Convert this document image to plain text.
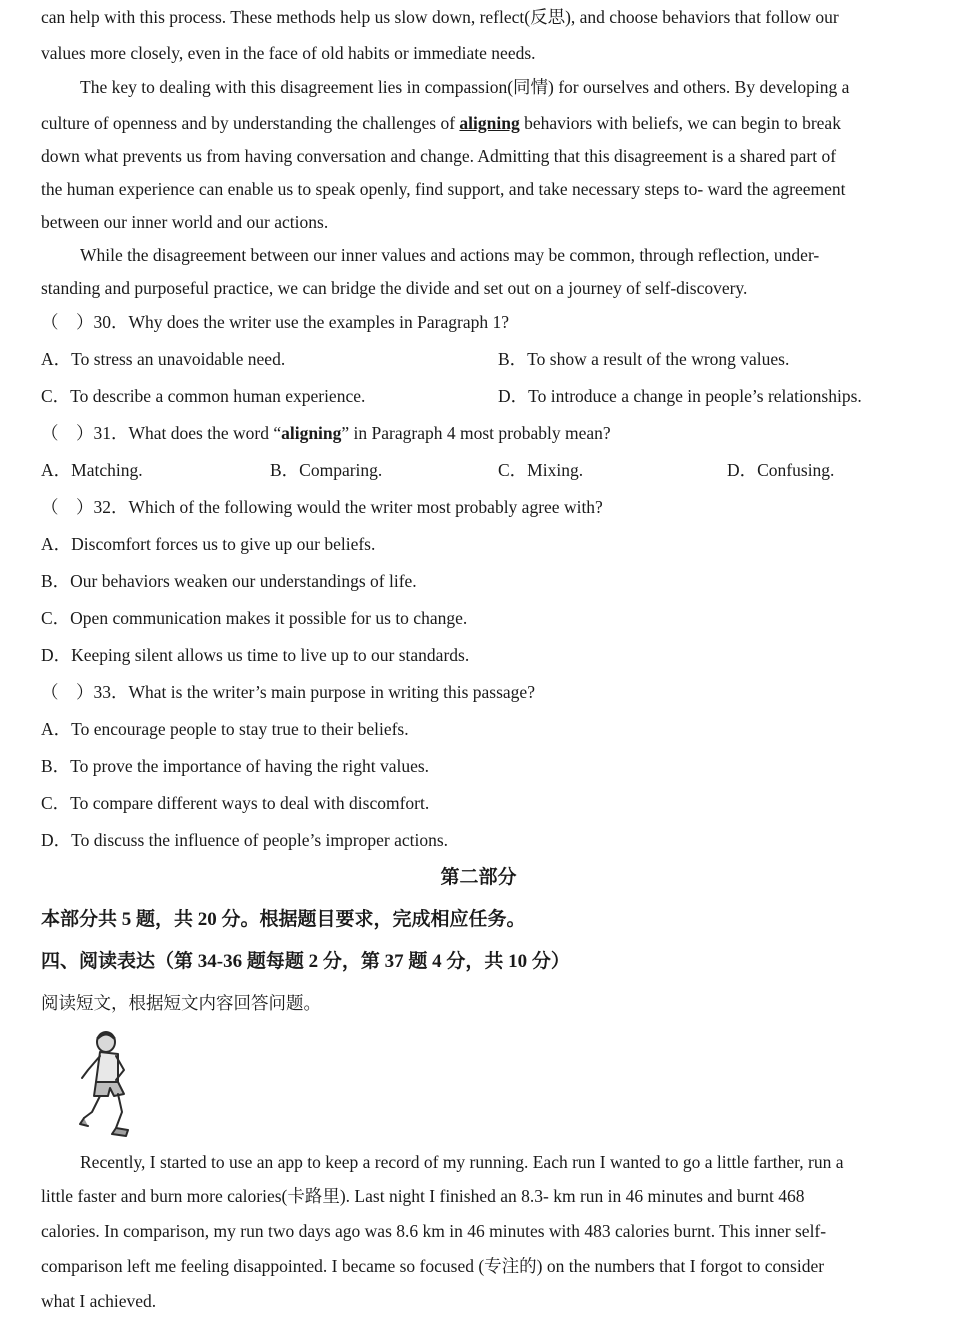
can help with this process. These methods help us slow down, reflect(反思), and choose behaviors that follow our
values more closely, even in the face of old habits or immediate needs.
The key to dealing with this disagreement lies in compassion(同情) for ourselves and others. By developing a
culture of openness and by understanding the challenges of aligning behaviors with beliefs, we can begin to break
down what prevents us from having conversation and change. Admitting that this disagreement is a shared part of
the human experience can enable us to speak openly, find support, and take necessary steps to- ward the agreement
between our inner world and our actions.
While the disagreement between our inner values and actions may be common, through reflection, under-
standing and purposeful practice, we can bridge the divide and set out on a journey of self-discovery.
（　）30．Why does the writer use the examples in Paragraph 1?
A．To stress an unavoidable need.	B．To show a result of the wrong values.
C．To describe a common human experience.	D．To introduce a change in people’s relationships.
（　）31．What does the word “aligning” in Paragraph 4 most probably mean?
A．Matching.	B．Comparing.	C．Mixing.	D．Confusing.
（　）32．Which of the following would the writer most probably agree with?
A．Discomfort forces us to give up our beliefs.
B．Our behaviors weaken our understandings of life.
C．Open communication makes it possible for us to change.
D．Keeping silent allows us time to live up to our standards.
（　）33．What is the writer’s main purpose in writing this passage?
A．To encourage people to stay true to their beliefs.
B．To prove the importance of having the right values.
C．To compare different ways to deal with discomfort.
D．To discuss the influence of people’s improper actions.
第二部分
本部分共 5 题，共 20 分。根据题目要求，完成相应任务。
四、阅读表达（第 34-36 题每题 2 分，第 37 题 4 分，共 10 分）
阅读短文，根据短文内容回答问题。
Recently, I started to use an app to keep a record of my running. Each run I wanted to go a little farther, run a
little faster and burn more calories(卡路里). Last night I finished an 8.3- km run in 46 minutes and burnt 468
calories. In comparison, my run two days ago was 8.6 km in 46 minutes with 483 calories burnt. This inner self-
comparison left me feeling disappointed. I became so focused (专注的) on the numbers that I forgot to consider
what I achieved.
